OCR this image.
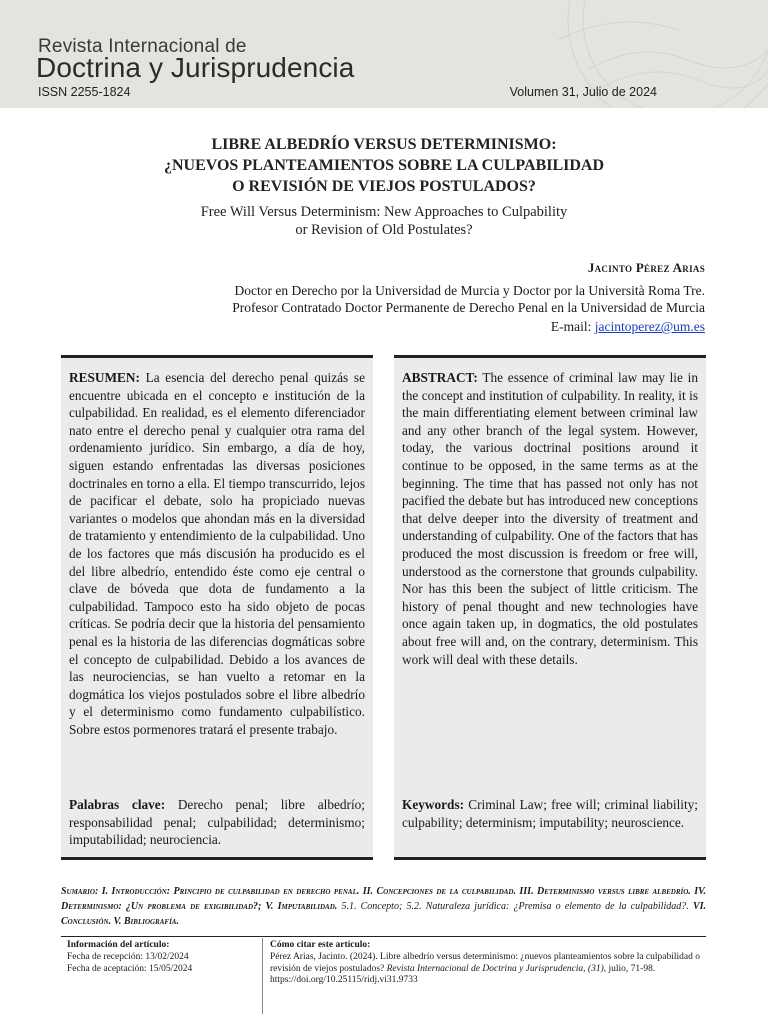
Revista Internacional de
Doctrina y Jurisprudencia
ISSN 2255-1824	Volumen 31, Julio de 2024
LIBRE ALBEDRÍO VERSUS DETERMINISMO:
¿NUEVOS PLANTEAMIENTOS SOBRE LA CULPABILIDAD
O REVISIÓN DE VIEJOS POSTULADOS?
Free Will Versus Determinism: New Approaches to Culpability
or Revision of Old Postulates?
Jacinto Pérez Arias
Doctor en Derecho por la Universidad de Murcia y Doctor por la Università Roma Tre.
Profesor Contratado Doctor Permanente de Derecho Penal en la Universidad de Murcia
E-mail: jacintoperez@um.es
RESUMEN: La esencia del derecho penal quizás se encuentre ubicada en el concepto e institución de la culpabilidad. En realidad, es el elemento diferenciador nato entre el derecho penal y cualquier otra rama del ordenamiento jurídico. Sin embargo, a día de hoy, siguen estando enfrentadas las diversas posiciones doctrinales en torno a ella. El tiempo transcurrido, lejos de pacificar el debate, solo ha propiciado nuevas variantes o modelos que ahondan más en la diversidad de tratamiento y entendimiento de la culpabilidad. Uno de los factores que más discusión ha producido es el del libre albedrío, entendido éste como eje central o clave de bóveda que dota de fundamento a la culpabilidad. Tampoco esto ha sido objeto de pocas críticas. Se podría decir que la historia del pensamiento penal es la historia de las diferencias dogmáticas sobre el concepto de culpabilidad. Debido a los avances de las neurociencias, se han vuelto a retomar en la dogmática los viejos postulados sobre el libre albedrío y el determinismo como fundamento culpabilístico. Sobre estos pormenores tratará el presente trabajo.
Palabras clave: Derecho penal; libre albedrío; responsabilidad penal; culpabilidad; determinismo; imputabilidad; neurociencia.
ABSTRACT: The essence of criminal law may lie in the concept and institution of culpability. In reality, it is the main differentiating element between criminal law and any other branch of the legal system. However, today, the various doctrinal positions around it continue to be opposed, in the same terms as at the beginning. The time that has passed not only has not pacified the debate but has introduced new conceptions that delve deeper into the diversity of treatment and understanding of culpability. One of the factors that has produced the most discussion is freedom or free will, understood as the cornerstone that grounds culpability. Nor has this been the subject of little criticism. The history of penal thought and new technologies have once again taken up, in dogmatics, the old postulates about free will and, on the contrary, determinism. This work will deal with these details.
Keywords: Criminal Law; free will; criminal liability; culpability; determinism; imputability; neuroscience.
Sumario: I. Introducción: Principio de culpabilidad en derecho penal. II. Concepciones de la culpabilidad. III. Determinismo versus libre albedrío. IV. Determinismo: ¿Un problema de exigibilidad?; V. Imputabilidad. 5.1. Concepto; 5.2. Naturaleza jurídica: ¿Premisa o elemento de la culpabilidad?. VI. Conclusión. V. Bibliografía.
Información del artículo:
Fecha de recepción: 13/02/2024
Fecha de aceptación: 15/05/2024
Cómo citar este artículo:
Pérez Arias, Jacinto. (2024). Libre albedrío versus determinismo: ¿nuevos planteamientos sobre la culpabilidad o revisión de viejos postulados? Revista Internacional de Doctrina y Jurisprudencia, (31), julio, 71-98. https://doi.org/10.25115/ridj.vi31.9733
